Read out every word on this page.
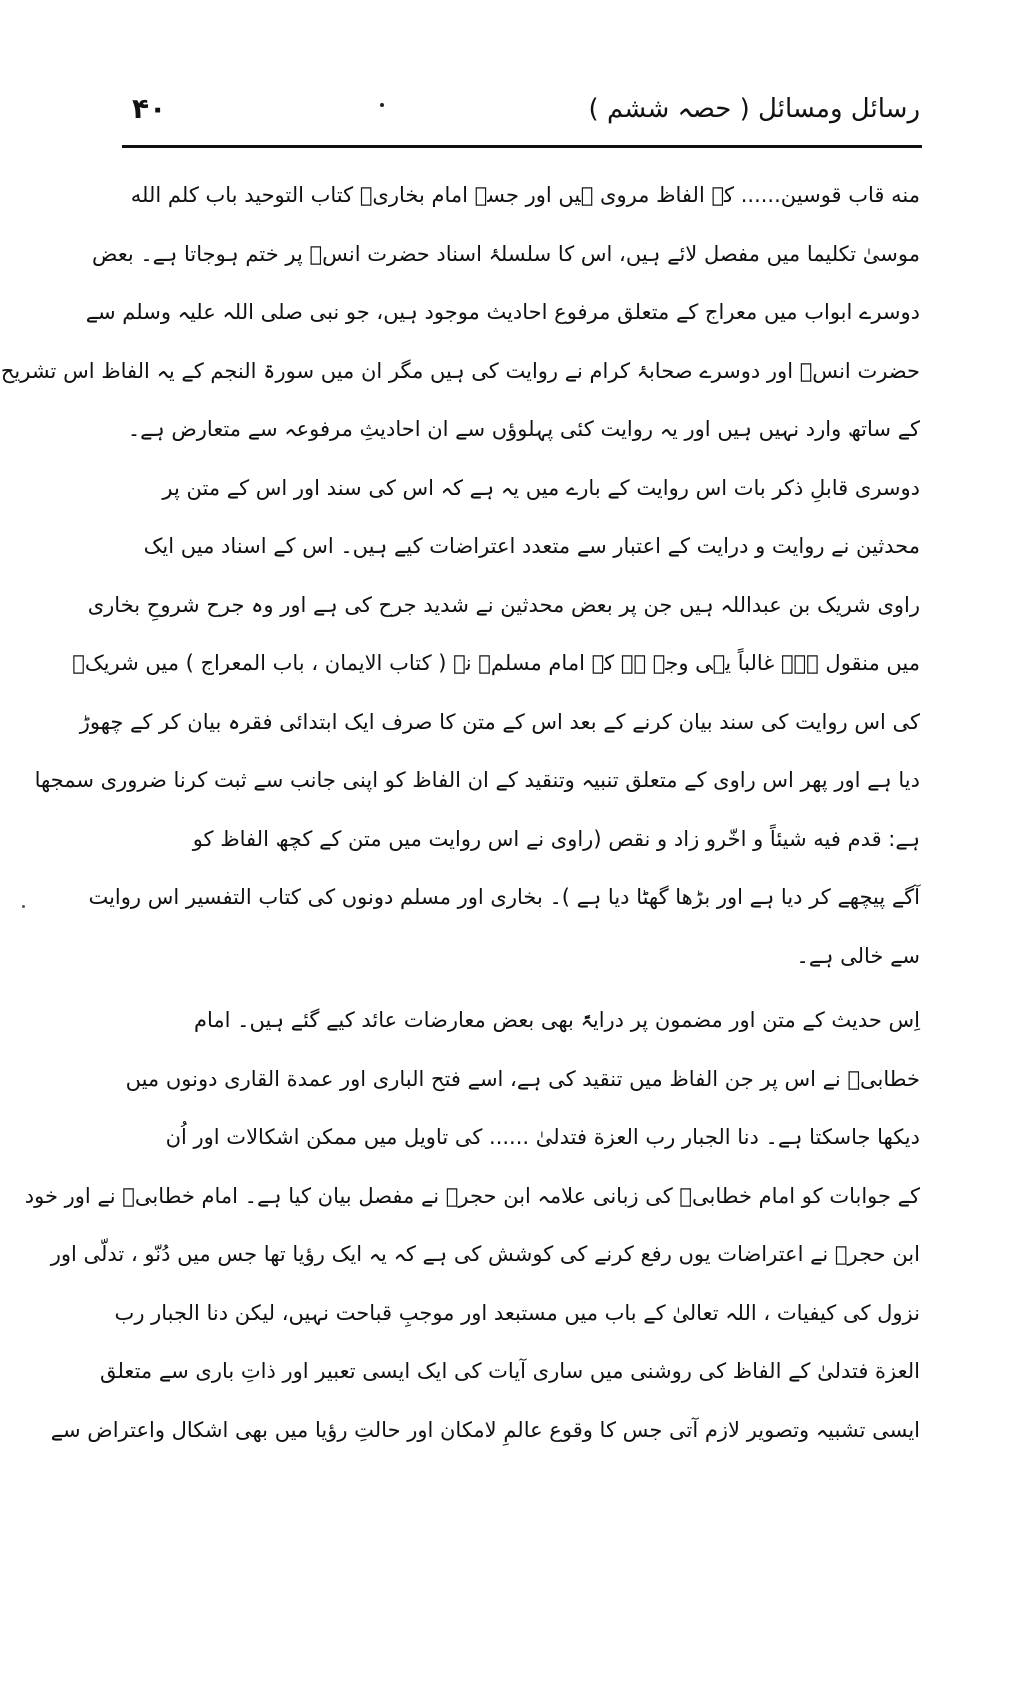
۴۰	رسائل ومسائل ( حصہ ششم )
منه قاب قوسین...... کے الفاظ مروی ہیں اور جسے امام بخاریؒ کتاب التوحید باب کلم الله
موسیٰ تکلیما میں مفصل لائے ہیں، اس کا سلسلۂ اسناد حضرت انسؓ پر ختم ہوجاتا ہے۔ بعض
دوسرے ابواب میں معراج کے متعلق مرفوع احادیث موجود ہیں، جو نبی صلی اللہ علیہ وسلم سے
حضرت انسؓ اور دوسرے صحابۂ کرام نے روایت کی ہیں مگر ان میں سورۃ النجم کے یہ الفاظ اس تشریح
کے ساتھ وارد نہیں ہیں اور یہ روایت کئی پہلوؤں سے ان احادیثِ مرفوعہ سے متعارض ہے۔
دوسری قابلِ ذکر بات اس روایت کے بارے میں یہ ہے کہ اس کی سند اور اس کے متن پر
محدثین نے روایت و درایت کے اعتبار سے متعدد اعتراضات کیے ہیں۔ اس کے اسناد میں ایک
راوی شریک بن عبداللہ ہیں جن پر بعض محدثین نے شدید جرح کی ہے اور وہ جرح شروحِ بخاری
میں منقول ہے۔ غالباً یہی وجہ ہے کہ امام مسلمؒ نے ( کتاب الایمان ، باب المعراج ) میں شریکؒ
کی اس روایت کی سند بیان کرنے کے بعد اس کے متن کا صرف ایک ابتدائی فقرہ بیان کر کے چھوڑ
دیا ہے اور پھر اس راوی کے متعلق تنبیہ وتنقید کے ان الفاظ کو اپنی جانب سے ثبت کرنا ضروری سمجھا
ہے: قدم فیه شیئاً و اخّرو زاد و نقص (راوی نے اس روایت میں متن کے کچھ الفاظ کو
آگے پیچھے کر دیا ہے اور بڑھا گھٹا دیا ہے )۔ بخاری اور مسلم دونوں کی کتاب التفسیر اس روایت
سے خالی ہے۔
اِس حدیث کے متن اور مضمون پر درایۃً بھی بعض معارضات عائد کیے گئے ہیں۔ امام
خطابیؒ نے اس پر جن الفاظ میں تنقید کی ہے، اسے فتح الباری اور عمدة القاری دونوں میں
دیکھا جاسکتا ہے۔ دنا الجبار رب العزة فتدلیٰ ...... کی تاویل میں ممکن اشکالات اور اُن
کے جوابات کو امام خطابیؒ کی زبانی علامہ ابن حجرؒ نے مفصل بیان کیا ہے۔ امام خطابیؒ نے اور خود
ابن حجرؒ نے اعتراضات یوں رفع کرنے کی کوشش کی ہے کہ یہ ایک رؤیا تھا جس میں دُنّو ، تدلّی اور
نزول کی کیفیات ، اللہ تعالیٰ کے باب میں مستبعد اور موجبِ قباحت نہیں، لیکن دنا الجبار رب
العزة فتدلیٰ کے الفاظ کی روشنی میں ساری آیات کی ایک ایسی تعبیر اور ذاتِ باری سے متعلق
ایسی تشبیہ وتصویر لازم آتی جس کا وقوع عالمِ لامکان اور حالتِ رؤیا میں بھی اشکال واعتراض سے
